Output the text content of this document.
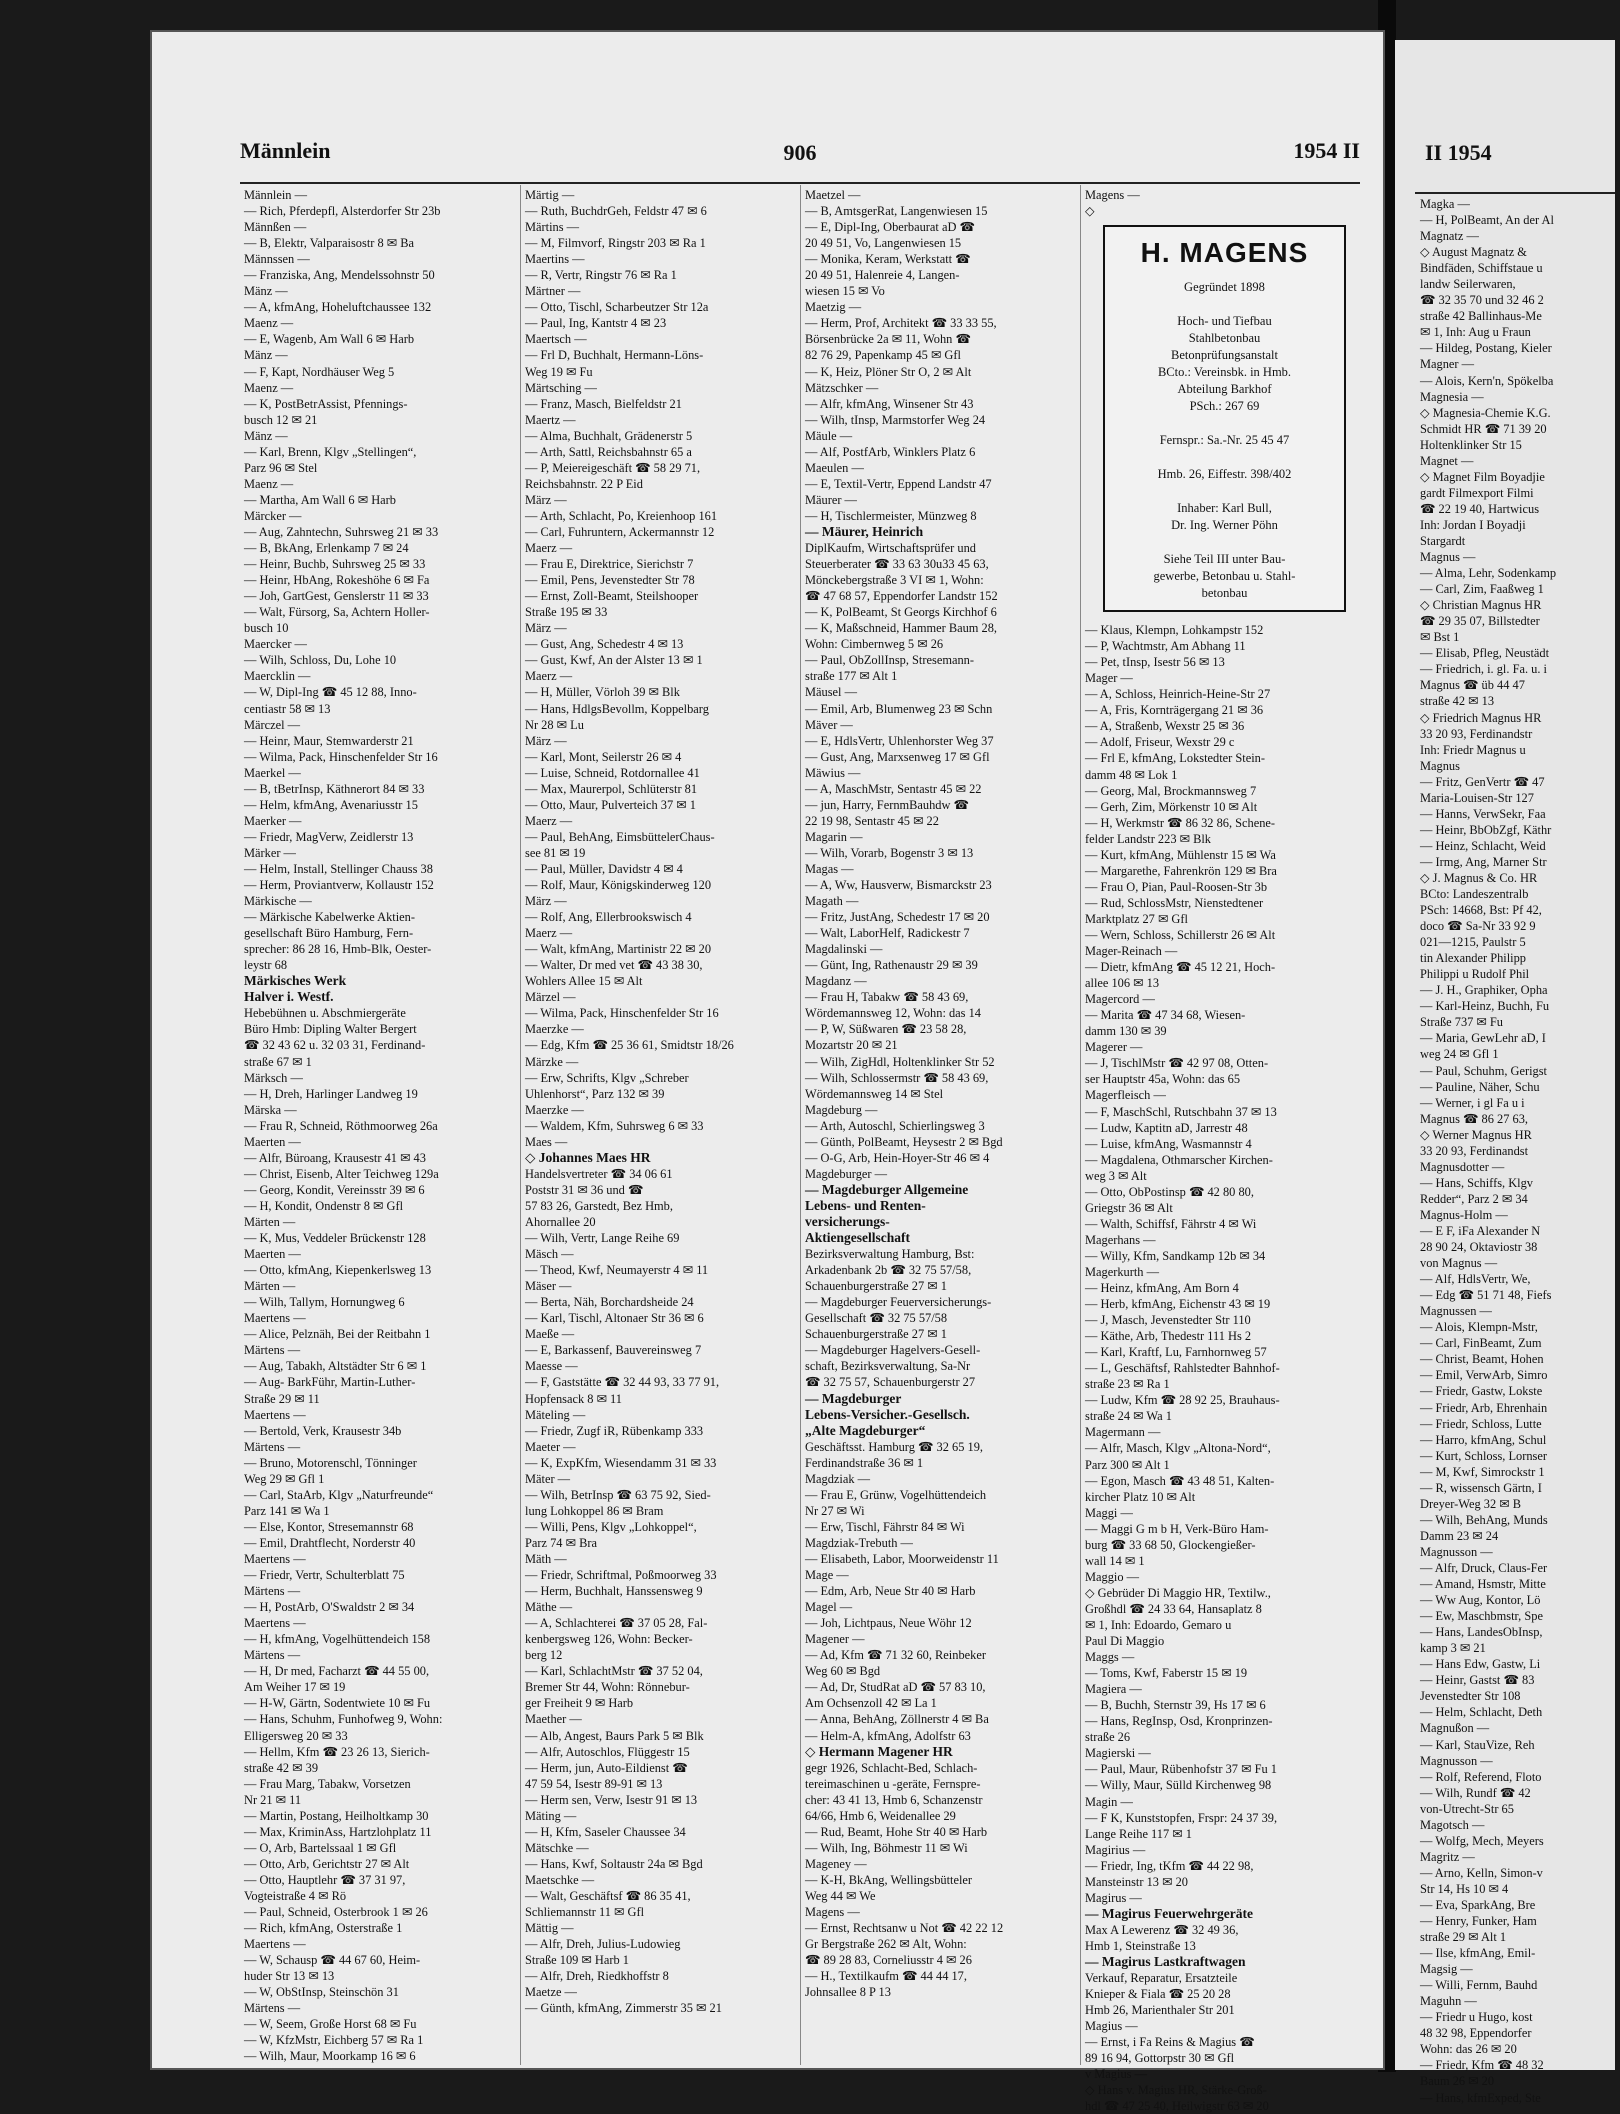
Männlein	906	1954 II
Männlein —
— Rich, Pferdepfl, Alsterdorfer Str 23b
Männßen —
— B, Elektr, Valparaisostr 8 ✉ Ba
Männssen —
— Franziska, Ang, Mendelssohnstr 50
Mänz —
— A, kfmAng, Hoheluftchaussee 132
Maenz —
— E, Wagenb, Am Wall 6 ✉ Harb
Mänz —
— F, Kapt, Nordhäuser Weg 5
Maenz —
— K, PostBetrAssist, Pfennings-
busch 12 ✉ 21
Mänz —
— Karl, Brenn, Klgv „Stellingen“,
Parz 96 ✉ Stel
Maenz —
— Martha, Am Wall 6 ✉ Harb
Märcker —
— Aug, Zahntechn, Suhrsweg 21 ✉ 33
— B, BkAng, Erlenkamp 7 ✉ 24
— Heinr, Buchb, Suhrsweg 25 ✉ 33
— Heinr, HbAng, Rokeshöhe 6 ✉ Fa
— Joh, GartGest, Genslerstr 11 ✉ 33
— Walt, Fürsorg, Sa, Achtern Holler-
busch 10
Maercker —
— Wilh, Schloss, Du, Lohe 10
Maercklin —
— W, Dipl-Ing ☎ 45 12 88, Inno-
centiastr 58 ✉ 13
Märczel —
— Heinr, Maur, Stemwarderstr 21
— Wilma, Pack, Hinschenfelder Str 16
Maerkel —
— B, tBetrInsp, Käthnerort 84 ✉ 33
— Helm, kfmAng, Avenariusstr 15
Maerker —
— Friedr, MagVerw, Zeidlerstr 13
Märker —
— Helm, Install, Stellinger Chauss 38
— Herm, Proviantverw, Kollaustr 152
Märkische —
— Märkische Kabelwerke Aktien-
gesellschaft Büro Hamburg, Fern-
sprecher: 86 28 16, Hmb-Blk, Oester-
leystr 68
Märkisches Werk
Halver i. Westf.
Hebebühnen u. Abschmiergeräte
Büro Hmb: Dipling Walter Bergert
☎ 32 43 62 u. 32 03 31, Ferdinand-
straße 67 ✉ 1
Märksch —
— H, Dreh, Harlinger Landweg 19
Märska —
— Frau R, Schneid, Röthmoorweg 26a
Maerten —
— Alfr, Büroang, Krausestr 41 ✉ 43
— Christ, Eisenb, Alter Teichweg 129a
— Georg, Kondit, Vereinsstr 39 ✉ 6
— H, Kondit, Ondenstr 8 ✉ Gfl
Märten —
— K, Mus, Veddeler Brückenstr 128
Maerten —
— Otto, kfmAng, Kiepenkerlsweg 13
Märten —
— Wilh, Tallym, Hornungweg 6
Maertens —
— Alice, Pelznäh, Bei der Reitbahn 1
Märtens —
— Aug, Tabakh, Altstädter Str 6 ✉ 1
— Aug- BarkFühr, Martin-Luther-
Straße 29 ✉ 11
Maertens —
— Bertold, Verk, Krausestr 34b
Märtens —
— Bruno, Motorenschl, Tönninger
Weg 29 ✉ Gfl 1
— Carl, StaArb, Klgv „Naturfreunde“
Parz 141 ✉ Wa 1
— Else, Kontor, Stresemannstr 68
— Emil, Drahtflecht, Norderstr 40
Maertens —
— Friedr, Vertr, Schulterblatt 75
Märtens —
— H, PostArb, O'Swaldstr 2 ✉ 34
Maertens —
— H, kfmAng, Vogelhüttendeich 158
Märtens —
— H, Dr med, Facharzt ☎ 44 55 00,
Am Weiher 17 ✉ 19
— H-W, Gärtn, Sodentwiete 10 ✉ Fu
— Hans, Schuhm, Funhofweg 9, Wohn:
Elligersweg 20 ✉ 33
— Hellm, Kfm ☎ 23 26 13, Sierich-
straße 42 ✉ 39
— Frau Marg, Tabakw, Vorsetzen
Nr 21 ✉ 11
— Martin, Postang, Heilholtkamp 30
— Max, KriminAss, Hartzlohplatz 11
— O, Arb, Bartelssaal 1 ✉ Gfl
— Otto, Arb, Gerichtstr 27 ✉ Alt
— Otto, Hauptlehr ☎ 37 31 97,
Vogteistraße 4 ✉ Rö
— Paul, Schneid, Osterbrook 1 ✉ 26
— Rich, kfmAng, Osterstraße 1
Maertens —
— W, Schausp ☎ 44 67 60, Heim-
huder Str 13 ✉ 13
— W, ObStInsp, Steinschön 31
Märtens —
— W, Seem, Große Horst 68 ✉ Fu
— W, KfzMstr, Eichberg 57 ✉ Ra 1
— Wilh, Maur, Moorkamp 16 ✉ 6
Märtig —
— Ruth, BuchdrGeh, Feldstr 47 ✉ 6
Märtins —
— M, Filmvorf, Ringstr 203 ✉ Ra 1
Maertins —
— R, Vertr, Ringstr 76 ✉ Ra 1
Märtner —
— Otto, Tischl, Scharbeutzer Str 12a
— Paul, Ing, Kantstr 4 ✉ 23
Maertsch —
— Frl D, Buchhalt, Hermann-Löns-
Weg 19 ✉ Fu
Märtsching —
— Franz, Masch, Bielfeldstr 21
Maertz —
— Alma, Buchhalt, Grädenerstr 5
— Arth, Sattl, Reichsbahnstr 65 a
— P, Meiereigeschäft ☎ 58 29 71,
Reichsbahnstr. 22 P Eid
März —
— Arth, Schlacht, Po, Kreienhoop 161
— Carl, Fuhruntern, Ackermannstr 12
Maerz —
— Frau E, Direktrice, Sierichstr 7
— Emil, Pens, Jevenstedter Str 78
— Ernst, Zoll-Beamt, Steilshooper
Straße 195 ✉ 33
März —
— Gust, Ang, Schedestr 4 ✉ 13
— Gust, Kwf, An der Alster 13 ✉ 1
Maerz —
— H, Müller, Vörloh 39 ✉ Blk
— Hans, HdlgsBevollm, Koppelbarg
Nr 28 ✉ Lu
März —
— Karl, Mont, Seilerstr 26 ✉ 4
— Luise, Schneid, Rotdornallee 41
— Max, Maurerpol, Schlüterstr 81
— Otto, Maur, Pulverteich 37 ✉ 1
Maerz —
— Paul, BehAng, EimsbüttelerChaus-
see 81 ✉ 19
— Paul, Müller, Davidstr 4 ✉ 4
— Rolf, Maur, Königskinderweg 120
März —
— Rolf, Ang, Ellerbrookswisch 4
Maerz —
— Walt, kfmAng, Martinistr 22 ✉ 20
— Walter, Dr med vet ☎ 43 38 30,
Wohlers Allee 15 ✉ Alt
Märzel —
— Wilma, Pack, Hinschenfelder Str 16
Maerzke —
— Edg, Kfm ☎ 25 36 61, Smidtstr 18/26
Märzke —
— Erw, Schrifts, Klgv „Schreber
Uhlenhorst“, Parz 132 ✉ 39
Maerzke —
— Waldem, Kfm, Suhrsweg 6 ✉ 33
Maes —
◇ Johannes Maes HR
Handelsvertreter ☎ 34 06 61
Poststr 31 ✉ 36 und ☎
57 83 26, Garstedt, Bez Hmb,
Ahornallee 20
— Wilh, Vertr, Lange Reihe 69
Mäsch —
— Theod, Kwf, Neumayerstr 4 ✉ 11
Mäser —
— Berta, Näh, Borchardsheide 24
— Karl, Tischl, Altonaer Str 36 ✉ 6
Maeße —
— E, Barkassenf, Bauvereinsweg 7
Maesse —
— F, Gaststätte ☎ 32 44 93, 33 77 91,
Hopfensack 8 ✉ 11
Mäteling —
— Friedr, Zugf iR, Rübenkamp 333
Maeter —
— K, ExpKfm, Wiesendamm 31 ✉ 33
Mäter —
— Wilh, BetrInsp ☎ 63 75 92, Sied-
lung Lohkoppel 86 ✉ Bram
— Willi, Pens, Klgv „Lohkoppel“,
Parz 74 ✉ Bra
Mäth —
— Friedr, Schriftmal, Poßmoorweg 33
— Herm, Buchhalt, Hanssensweg 9
Mäthe —
— A, Schlachterei ☎ 37 05 28, Fal-
kenbergsweg 126, Wohn: Becker-
berg 12
— Karl, SchlachtMstr ☎ 37 52 04,
Bremer Str 44, Wohn: Rönnebur-
ger Freiheit 9 ✉ Harb
Maether —
— Alb, Angest, Baurs Park 5 ✉ Blk
— Alfr, Autoschlos, Flüggestr 15
— Herm, jun, Auto-Eildienst ☎
47 59 54, Isestr 89-91 ✉ 13
— Herm sen, Verw, Isestr 91 ✉ 13
Mäting —
— H, Kfm, Saseler Chaussee 34
Mätschke —
— Hans, Kwf, Soltaustr 24a ✉ Bgd
Maetschke —
— Walt, Geschäftsf ☎ 86 35 41,
Schliemannstr 11 ✉ Gfl
Mättig —
— Alfr, Dreh, Julius-Ludowieg
Straße 109 ✉ Harb 1
— Alfr, Dreh, Riedkhoffstr 8
Maetze —
— Günth, kfmAng, Zimmerstr 35 ✉ 21
Maetzel —
— B, AmtsgerRat, Langenwiesen 15
— E, Dipl-Ing, Oberbaurat aD ☎
20 49 51, Vo, Langenwiesen 15
— Monika, Keram, Werkstatt ☎
20 49 51, Halenreie 4, Langen-
wiesen 15 ✉ Vo
Maetzig —
— Herm, Prof, Architekt ☎ 33 33 55,
Börsenbrücke 2a ✉ 11, Wohn ☎
82 76 29, Papenkamp 45 ✉ Gfl
— K, Heiz, Plöner Str O, 2 ✉ Alt
Mätzschker —
— Alfr, kfmAng, Winsener Str 43
— Wilh, tInsp, Marmstorfer Weg 24
Mäule —
— Alf, PostfArb, Winklers Platz 6
Maeulen —
— E, Textil-Vertr, Eppend Landstr 47
Mäurer —
— H, Tischlermeister, Münzweg 8
— Mäurer, Heinrich
DiplKaufm, Wirtschaftsprüfer und
Steuerberater ☎ 33 63 30u33 45 63,
Mönckebergstraße 3 VI ✉ 1, Wohn:
☎ 47 68 57, Eppendorfer Landstr 152
— K, PolBeamt, St Georgs Kirchhof 6
— K, Maßschneid, Hammer Baum 28,
Wohn: Cimbernweg 5 ✉ 26
— Paul, ObZollInsp, Stresemann-
straße 177 ✉ Alt 1
Mäusel —
— Emil, Arb, Blumenweg 23 ✉ Schn
Mäver —
— E, HdlsVertr, Uhlenhorster Weg 37
— Gust, Ang, Marxsenweg 17 ✉ Gfl
Mäwius —
— A, MaschMstr, Sentastr 45 ✉ 22
— jun, Harry, FernmBauhdw ☎
22 19 98, Sentastr 45 ✉ 22
Magarin —
— Wilh, Vorarb, Bogenstr 3 ✉ 13
Magas —
— A, Ww, Hausverw, Bismarckstr 23
Magath —
— Fritz, JustAng, Schedestr 17 ✉ 20
— Walt, LaborHelf, Radickestr 7
Magdalinski —
— Günt, Ing, Rathenaustr 29 ✉ 39
Magdanz —
— Frau H, Tabakw ☎ 58 43 69,
Wördemannsweg 12, Wohn: das 14
— P, W, Süßwaren ☎ 23 58 28,
Mozartstr 20 ✉ 21
— Wilh, ZigHdl, Holtenklinker Str 52
— Wilh, Schlossermstr ☎ 58 43 69,
Wördemannsweg 14 ✉ Stel
Magdeburg —
— Arth, Autoschl, Schierlingsweg 3
— Günth, PolBeamt, Heysestr 2 ✉ Bgd
— O-G, Arb, Hein-Hoyer-Str 46 ✉ 4
Magdeburger —
— Magdeburger Allgemeine
Lebens- und Renten-
versicherungs-
Aktiengesellschaft
Bezirksverwaltung Hamburg, Bst:
Arkadenbank 2b ☎ 32 75 57/58,
Schauenburgerstraße 27 ✉ 1
— Magdeburger Feuerversicherungs-
Gesellschaft ☎ 32 75 57/58
Schauenburgerstraße 27 ✉ 1
— Magdeburger Hagelvers-Gesell-
schaft, Bezirksverwaltung, Sa-Nr
☎ 32 75 57, Schauenburgerstr 27
— Magdeburger
Lebens-Versicher.-Gesellsch.
„Alte Magdeburger“
Geschäftsst. Hamburg ☎ 32 65 19,
Ferdinandstraße 36 ✉ 1
Magdziak —
— Frau E, Grünw, Vogelhüttendeich
Nr 27 ✉ Wi
— Erw, Tischl, Fährstr 84 ✉ Wi
Magdziak-Trebuth —
— Elisabeth, Labor, Moorweidenstr 11
Mage —
— Edm, Arb, Neue Str 40 ✉ Harb
Magel —
— Joh, Lichtpaus, Neue Wöhr 12
Magener —
— Ad, Kfm ☎ 71 32 60, Reinbeker
Weg 60 ✉ Bgd
— Ad, Dr, StudRat aD ☎ 57 83 10,
Am Ochsenzoll 42 ✉ La 1
— Anna, BehAng, Zöllnerstr 4 ✉ Ba
— Helm-A, kfmAng, Adolfstr 63
◇ Hermann Magener HR
gegr 1926, Schlacht-Bed, Schlach-
tereimaschinen u -geräte, Fernspre-
cher: 43 41 13, Hmb 6, Schanzenstr
64/66, Hmb 6, Weidenallee 29
— Rud, Beamt, Hohe Str 40 ✉ Harb
— Wilh, Ing, Böhmestr 11 ✉ Wi
Mageney —
— K-H, BkAng, Wellingsbütteler
Weg 44 ✉ We
Magens —
— Ernst, Rechtsanw u Not ☎ 42 22 12
Gr Bergstraße 262 ✉ Alt, Wohn:
☎ 89 28 83, Corneliusstr 4 ✉ 26
— H., Textilkaufm ☎ 44 44 17,
Johnsallee 8 P 13
Magens —
◇
H. MAGENS
Gegründet 1898

Hoch- und Tiefbau
Stahlbetonbau
Betonprüfungsanstalt
BCto.: Vereinsbk. in Hmb.
Abteilung Barkhof
PSch.: 267 69

Fernspr.: Sa.-Nr. 25 45 47

Hmb. 26, Eiffestr. 398/402

Inhaber: Karl Bull,
Dr. Ing. Werner Pöhn

Siehe Teil III unter Bau-
gewerbe, Betonbau u. Stahl-
betonbau
— Klaus, Klempn, Lohkampstr 152
— P, Wachtmstr, Am Abhang 11
— Pet, tInsp, Isestr 56 ✉ 13
Mager —
— A, Schloss, Heinrich-Heine-Str 27
— A, Fris, Kornträgergang 21 ✉ 36
— A, Straßenb, Wexstr 25 ✉ 36
— Adolf, Friseur, Wexstr 29 c
— Frl E, kfmAng, Lokstedter Stein-
damm 48 ✉ Lok 1
— Georg, Mal, Brockmannsweg 7
— Gerh, Zim, Mörkenstr 10 ✉ Alt
— H, Werkmstr ☎ 86 32 86, Schene-
felder Landstr 223 ✉ Blk
— Kurt, kfmAng, Mühlenstr 15 ✉ Wa
— Margarethe, Fahrenkrön 129 ✉ Bra
— Frau O, Pian, Paul-Roosen-Str 3b
— Rud, SchlossMstr, Nienstedtener
Marktplatz 27 ✉ Gfl
— Wern, Schloss, Schillerstr 26 ✉ Alt
Mager-Reinach —
— Dietr, kfmAng ☎ 45 12 21, Hoch-
allee 106 ✉ 13
Magercord —
— Marita ☎ 47 34 68, Wiesen-
damm 130 ✉ 39
Magerer —
— J, TischlMstr ☎ 42 97 08, Otten-
ser Hauptstr 45a, Wohn: das 65
Magerfleisch —
— F, MaschSchl, Rutschbahn 37 ✉ 13
— Ludw, Kaptitn aD, Jarrestr 48
— Luise, kfmAng, Wasmannstr 4
— Magdalena, Othmarscher Kirchen-
weg 3 ✉ Alt
— Otto, ObPostinsp ☎ 42 80 80,
Griegstr 36 ✉ Alt
— Walth, Schiffsf, Fährstr 4 ✉ Wi
Magerhans —
— Willy, Kfm, Sandkamp 12b ✉ 34
Magerkurth —
— Heinz, kfmAng, Am Born 4
— Herb, kfmAng, Eichenstr 43 ✉ 19
— J, Masch, Jevenstedter Str 110
— Käthe, Arb, Thedestr 111 Hs 2
— Karl, Kraftf, Lu, Farnhornweg 57
— L, Geschäftsf, Rahlstedter Bahnhof-
straße 23 ✉ Ra 1
— Ludw, Kfm ☎ 28 92 25, Brauhaus-
straße 24 ✉ Wa 1
Magermann —
— Alfr, Masch, Klgv „Altona-Nord“,
Parz 300 ✉ Alt 1
— Egon, Masch ☎ 43 48 51, Kalten-
kircher Platz 10 ✉ Alt
Maggi —
— Maggi G m b H, Verk-Büro Ham-
burg ☎ 33 68 50, Glockengießer-
wall 14 ✉ 1
Maggio —
◇ Gebrüder Di Maggio HR, Textilw.,
Großhdl ☎ 24 33 64, Hansaplatz 8
✉ 1, Inh: Edoardo, Gemaro u
Paul Di Maggio
Maggs —
— Toms, Kwf, Faberstr 15 ✉ 19
Magiera —
— B, Buchh, Sternstr 39, Hs 17 ✉ 6
— Hans, RegInsp, Osd, Kronprinzen-
straße 26
Magierski —
— Paul, Maur, Rübenhofstr 37 ✉ Fu 1
— Willy, Maur, Sülld Kirchenweg 98
Magin —
— F K, Kunststopfen, Frspr: 24 37 39,
Lange Reihe 117 ✉ 1
Magirius —
— Friedr, Ing, tKfm ☎ 44 22 98,
Mansteinstr 13 ✉ 20
Magirus —
— Magirus Feuerwehrgeräte
Max A Lewerenz ☎ 32 49 36,
Hmb 1, Steinstraße 13
— Magirus Lastkraftwagen
Verkauf, Reparatur, Ersatzteile
Knieper & Fiala ☎ 25 20 28
Hmb 26, Marienthaler Str 201
Magius —
— Ernst, i Fa Reins & Magius ☎
89 16 94, Gottorpstr 30 ✉ Gfl
v Magius —
◇ Hans v. Magius HR, Stärke-Groß-
hdl ☎ 47 25 40, Heilwigstr 63 ✉ 20
II 1954
Magka —
— H, PolBeamt, An der Al
Magnatz —
◇ August Magnatz &
Bindfäden, Schiffstaue u
landw Seilerwaren,
☎ 32 35 70 und 32 46 2
straße 42 Ballinhaus-Me
✉ 1, Inh: Aug u Fraun
— Hildeg, Postang, Kieler
Magner —
— Alois, Kern'n, Spökelba
Magnesia —
◇ Magnesia-Chemie K.G.
Schmidt HR ☎ 71 39 20
Holtenklinker Str 15
Magnet —
◇ Magnet Film Boyadjie
gardt Filmexport Filmi
☎ 22 19 40, Hartwicus
Inh: Jordan I Boyadji
Stargardt
Magnus —
— Alma, Lehr, Sodenkamp
— Carl, Zim, Faaßweg 1
◇ Christian Magnus HR
☎ 29 35 07, Billstedter
✉ Bst 1
— Elisab, Pfleg, Neustädt
— Friedrich, i. gl. Fa. u. i
Magnus ☎ üb 44 47
straße 42 ✉ 13
◇ Friedrich Magnus HR
33 20 93, Ferdinandstr
Inh: Friedr Magnus u
Magnus
— Fritz, GenVertr ☎ 47
Maria-Louisen-Str 127
— Hanns, VerwSekr, Faa
— Heinr, BbObZgf, Käthr
— Heinz, Schlacht, Weid
— Irmg, Ang, Marner Str
◇ J. Magnus & Co. HR
BCto: Landeszentralb
PSch: 14668, Bst: Pf 42,
doco ☎ Sa-Nr 33 92 9
021—1215, Paulstr 5
tin Alexander Philipp
Philippi u Rudolf Phil
— J. H., Graphiker, Opha
— Karl-Heinz, Buchh, Fu
Straße 737 ✉ Fu
— Maria, GewLehr aD, I
weg 24 ✉ Gfl 1
— Paul, Schuhm, Gerigst
— Pauline, Näher, Schu
— Werner, i gl Fa u i
Magnus ☎ 86 27 63,
◇ Werner Magnus HR
33 20 93, Ferdinandst
Magnusdotter —
— Hans, Schiffs, Klgv
Redder“, Parz 2 ✉ 34
Magnus-Holm —
— E F, iFa Alexander N
28 90 24, Oktaviostr 38
von Magnus —
— Alf, HdlsVertr, We,
— Edg ☎ 51 71 48, Fiefs
Magnussen —
— Alois, Klempn-Mstr,
— Carl, FinBeamt, Zum
— Christ, Beamt, Hohen
— Emil, VerwArb, Simro
— Friedr, Gastw, Lokste
— Friedr, Arb, Ehrenhain
— Friedr, Schloss, Lutte
— Harro, kfmAng, Schul
— Kurt, Schloss, Lornser
— M, Kwf, Simrockstr 1
— R, wissensch Gärtn, I
Dreyer-Weg 32 ✉ B
— Wilh, BehAng, Munds
Damm 23 ✉ 24
Magnusson —
— Alfr, Druck, Claus-Fer
— Amand, Hsmstr, Mitte
— Ww Aug, Kontor, Lö
— Ew, Maschbmstr, Spe
— Hans, LandesObInsp,
kamp 3 ✉ 21
— Hans Edw, Gastw, Li
— Heinr, Gastst ☎ 83
Jevenstedter Str 108
— Helm, Schlacht, Deth
Magnußon —
— Karl, StauVize, Reh
Magnusson —
— Rolf, Referend, Floto
— Wilh, Rundf ☎ 42
von-Utrecht-Str 65
Magotsch —
— Wolfg, Mech, Meyers
Magritz —
— Arno, Kelln, Simon-v
Str 14, Hs 10 ✉ 4
— Eva, SparkAng, Bre
— Henry, Funker, Ham
straße 29 ✉ Alt 1
— Ilse, kfmAng, Emil-
Magsig —
— Willi, Fernm, Bauhd
Maguhn —
— Friedr u Hugo, kost
48 32 98, Eppendorfer
Wohn: das 26 ✉ 20
— Friedr, Kfm ☎ 48 32
Baum 26 ✉ 20
— Hans, kfmExped, Ste
